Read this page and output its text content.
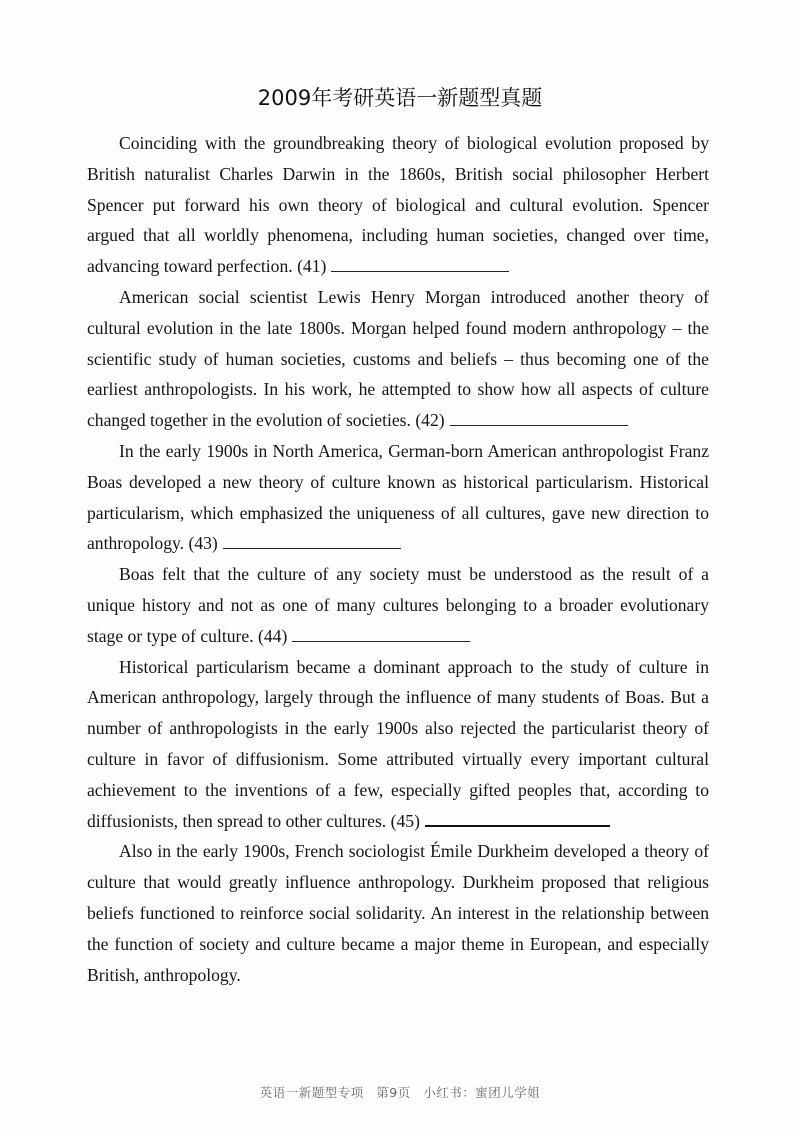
2009年考研英语一新题型真题

Coinciding with the groundbreaking theory of biological evolution proposed by British naturalist Charles Darwin in the 1860s, British social philosopher Herbert Spencer put forward his own theory of biological and cultural evolution. Spencer argued that all worldly phenomena, including human societies, changed over time, advancing toward perfection. (41)

American social scientist Lewis Henry Morgan introduced another theory of cultural evolution in the late 1800s. Morgan helped found modern anthropology – the scientific study of human societies, customs and beliefs – thus becoming one of the earliest anthropologists. In his work, he attempted to show how all aspects of culture changed together in the evolution of societies. (42)

In the early 1900s in North America, German-born American anthropologist Franz Boas developed a new theory of culture known as historical particularism. Historical particularism, which emphasized the uniqueness of all cultures, gave new direction to anthropology. (43)

Boas felt that the culture of any society must be understood as the result of a unique history and not as one of many cultures belonging to a broader evolutionary stage or type of culture. (44)

Historical particularism became a dominant approach to the study of culture in American anthropology, largely through the influence of many students of Boas. But a number of anthropologists in the early 1900s also rejected the particularist theory of culture in favor of diffusionism. Some attributed virtually every important cultural achievement to the inventions of a few, especially gifted peoples that, according to diffusionists, then spread to other cultures. (45)

Also in the early 1900s, French sociologist Émile Durkheim developed a theory of culture that would greatly influence anthropology. Durkheim proposed that religious beliefs functioned to reinforce social solidarity. An interest in the relationship between the function of society and culture became a major theme in European, and especially British, anthropology.

英语一新题型专项 第9页 小红书：蜜团儿学姐
